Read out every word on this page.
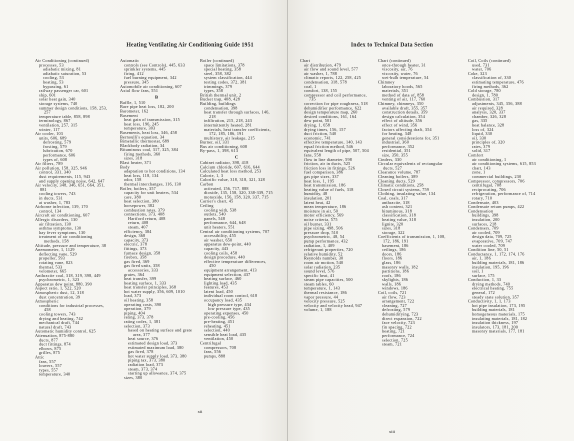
Heating Ventilating Air Conditioning Guide 1951	Index to Technical Data Section
Air Conditioning (continued)
processes, 53
adiabatic mixing, 81
adiabatic saturation, 53
cooling, 53
heating, 53
bypassing, 61
railway passenger car, 601
ship, 601
solar heat gain, 340
storage systems, 740
summer design conditions, 158, 253, 257
temperature table, 858, 898
terminology, 867
ventilation, 257, 315
winter, 117
Air cooler, 103
units, 606, 689
defrosting, 579
frosting, 579
lubrication, 670
performance, 606
types of, 608
Air filters, 789
Air pollution, 158, 325, 946
control, 331, 340
dust requirements, 115, 943
and supply opening noise, 642, 647
Air velocity, 348, 346, 651, 664, 351, 881
cooling towers, 743
in ducts, 531
at washer, 1, 783
Airborne infection, 139, 170
control, 134
Aircraft air conditioning, 607
Allergic disorders, 130
air filtration, 130
asthma symptoms, 130
hay fever symptoms, 130
treatment of air conditioning methods, 158
Altitude, pressure and temperature, 38
Anemometer, 1, 1129
deflecting vane, 529
propeller, 593
rotating vane, 823
thermal, 533
velometer, 665
Anthracite coal, 318, 319, 398, 449
psychrometric, 1, 323
Apparatus dew point, 880, 390
Aspect ratio, 1, 522, 520
Atmospheric dust, 12, 318
dust concentration, 39
Atmospheric
conditions for industrial processes, 458
cooling towers, 743
drying and heating, 742
mechanical draft, 744
natural draft, 743
Automatic humidity control, 625
Attenuation, 875-880
ducts, 877
duct fittings, 874
elbows, 875
grilles, 875
Attic
fans, 557
louvers, 557
types, 557
temperature, 340
Automatic
controls (see Controls), 445, 633
sprinkler systems, 445
firing, 412
fuel burning equipment, 342
pressure, 345
Automobile air conditioning, 607
Axial flow fans, 551
B
Baffle, 1, 510
Bare pipe heat loss, 182, 200
Barometer, 162
Basement
heat gain of transmission, 315
heat loss, 196, 245
temperature, 303
Basements, heat loss, 346, 458
Bernoulli's equation, 34
Bimetallic thermostat, 689
Blackbody radiation, 34
Bituminous coal, 317, 325, 384
firing methods, 360
sizes, 318
Blast heater, 371
Body
adaptation to hot conditions, 134
heat loss, 118, 134
odor, 158
thermal interchanges, 116, 130
Boiler, boilers, 357
capacity for unit heaters, 534
care, 380
heat selection, 380
horsepower, 382
combustion rates, 379
connections, 373, 408
Hartford return, 408
return, 408
steam, 407
efficiency, 384
design, 368
capacity, 373
electric, 378
fittings, 373
furnace design, 358
firebox, 358
gas fired, 369
gas fired units, 358
accessories, 333
grates, 364
heat transfer, 399
heating surface, 1, 333
heat transfer principles, 368
hot water supply, 356, 609, 1010
load, 373
oil heating, 358
operating costs, 390
operation, 379
piping, 404
rating, 373, 378
rating codes, 1, 381
selection, 373
based on heating surface and grate area, 377
heat source, 376
estimated design load, 373
estimated maximum load, 380
gas fired, 378
hot water supply load, 373, 380
piping tax, 373, 380
radiation load, 373
steam, 373, 374
starting up allowance, 374, 375
sizes, 380
Boiler (continued)
space limitations, 378
special heating, 358
steel, 358, 382
system classification, 444
testing codes, 372, 381
trimmings, 379
types, 358
British thermal unit, 2
Bucket trap, 408, 428
Building, buildings
condensation, 398
heat transfer through surfaces, 146, 218
infiltration, 215, 218, 243
intermittently heated, 281
materials, heat transfer coefficients, 172, 185, 186, 191
multistory, air leakage, 215
Burner, oil, 331
Bus air conditioning, 608
By-pass, 1, 398, 613
C
Cabinet radiator, 398, 418
Calcium chloride, 607, 616, 644
Calculated heat loss method, 253
Calorie, 1, 3
Calorific value, 318, 318, 321, 328
Carbon
activated, 156, 717, 888
dioxide, 135, 158, 320, 338-339, 715
monoxide, 156, 158, 320, 337, 715
Carrier's chart, 45
Ceiling
cooling with, 538
outlets, 540
panels, 548
performance, 644, 648
unit heaters, 551
Central air conditioning systems, 707
accessibility, 455
air washer, 650
apparatus dew-point, 440
capacity, 443
cooling coils, 458
design procedure, 440
effective temperature differences, 450
equipment arrangement, 413
equipment selection, 437
heating surface, 460
lighting load, 435
features, 453
latent load, 450
individual room control, 618
occupancy load, 435
high pressure type, 434
low pressure type, 435
operating expenses, 450
pre-cooling, 456
pre-heating, 451
reheating, 451
selection, 440
sensible heat load, 435
ventilation, 450
Centrifugal
compressors, 708
fans, 556
pumps, 888
Chart
air distribution, 479
air flow and sound level, 577
air washer, 1, 788
climatic reports, 122, 258, 425
condensation, 318, 578
coal, 1
comfort, 138, 155
compressor and coil performance, 735
correction for pipe roughness, 518
dehumidifier performance, 622
design temperature map, 260
desired conditions, 161, 164
dew point, 501
drying, 1, 658
drying times, 156, 157
duct friction, 540
economic, 741
effective temperature, 140, 143
equal friction method, 546
equivalent length of pipe, 507, 504
fans, 558
flow in line diameter, 598
friction, air in ducts, 525
friction loss in fittings, 526
fuel comparison, 386
gas pipe sizes, 337
heat loss, 1, 195
heat transmission, 186
heating value of fuels, 318
humidity, 48
insulation, 201
latent heat, 42
mean temperature, 186
moisture in air, 50
motor efficiency, 569
noise criteria, 575
oil burner, 331
pipe sizing, 498, 506
pressure drop, 510
psychrometric, 48, 54
pump performance, 432
radiation, 1, 409
refrigerant properties, 720
relative humidity, 52
Reynolds number, 30
room air motion, 540
solar radiation, 235
sound level, 576
specific heat, 41
steam pipe capacities, 500
steam tables, 60
temperature, 1, 143
thermal resistance, 186
vapor pressure, 44
velocity pressure, 525
velocity and velocity head, 947
volume, 1, 188
Chart (continued)
once-through heater, 31
viscosity, air, 76
viscosity, water, 76
wet-bulb temperature, 54
Chimney
laboratory hoods, 565
materials, 351
method of data of, 858
venting of air, 117, 760
Chimney, chimneys, 350
available draft, 355, 357
construction details, 359
design calculation, 354
effect of altitude, 356
effect of wind, 356
factors affecting draft, 354
for heating, 348
general considerations for, 351
industrial, 360
performance, 352
residential, 351
size, 350, 355
Cinders, 330
Circular equivalents of rectangular ducts, 527
Clearance volume, 787
Cleaning boilers, 389
Cleaning ducts, 529
Climatic conditions, 258
Closed circuit systems, 759
Clothing, insulating value, 134
Coal, coals, 317
anthracite, 318
ash content, 321
bituminous, 318
classification, 318
heating value, 318
lignite, 320
sizes, 318
storage, 322
Coefficients of transmission, 1, 108, 172, 186, 191
basement, 186
ceilings, 186
doors, 186
floors, 186
glass, 186
masonry walls, 182
partitions, 186
roofs, 186
skylights, 186
walls, 186
windows, 186
Coil, coils, 721
air flow, 723
arrangement, 722
cleaning, 727
defrosting, 579
dehumidifying, 723
direct expansion, 722
face velocity, 723
fin spacing, 722
heating, 721
performance, 724
selection, 725
steam, 721
Coil, Coils (continued)
used, 731
water, 706
Coke, 323
classification of, 330
estimating temperature, 476
firing methods, 362
Cold storage, 780
design, 1, 780
Combustion, 317
adjustments, 345, 356, 388
air required, 328
analysis, 320, 337
chamber, 326, 328
gas, 335
heat balance, 328
loss of, 324
liquid, 330
oil, 330
principles of, 320
rates, 379
solid, 317
Comfort
air conditioning, 1
air conditioning systems, 615, 853
chart, 143
zone, 1
commercial buildings, 230
Compressor, compressors, 706
centrifugal, 708
reciprocating, 706
refrigeration, performance of, 714
rotary, 710
Condensate, 403
Condensate return pumps, 422
Condensation
buildings, 398
insulation, 200
surfaces, 218
Condensers, 709
air cooled, 709
design data, 709, 725
evaporative, 709, 747
water cooled, 709
Condition line, 50, 51
Conductance, 1, 172, 174, 176
air, 1, 186
building materials, 181, 186
insulation, 195, 196
soil, 1
surface, 175
Conduction, 1, 33
drying methods, 740
electrical heating, 755
general, 172
steady state solution, 357
Conductivity, 1, 1, 173
hot pipe insulation, 173, 195
building materials, 181
homogeneous materials, 175
insulating materials, 181, 182
insulation thickness, 197
insulators, 173, 181, 200
masonry materials, 177, 181
xii
xiii
